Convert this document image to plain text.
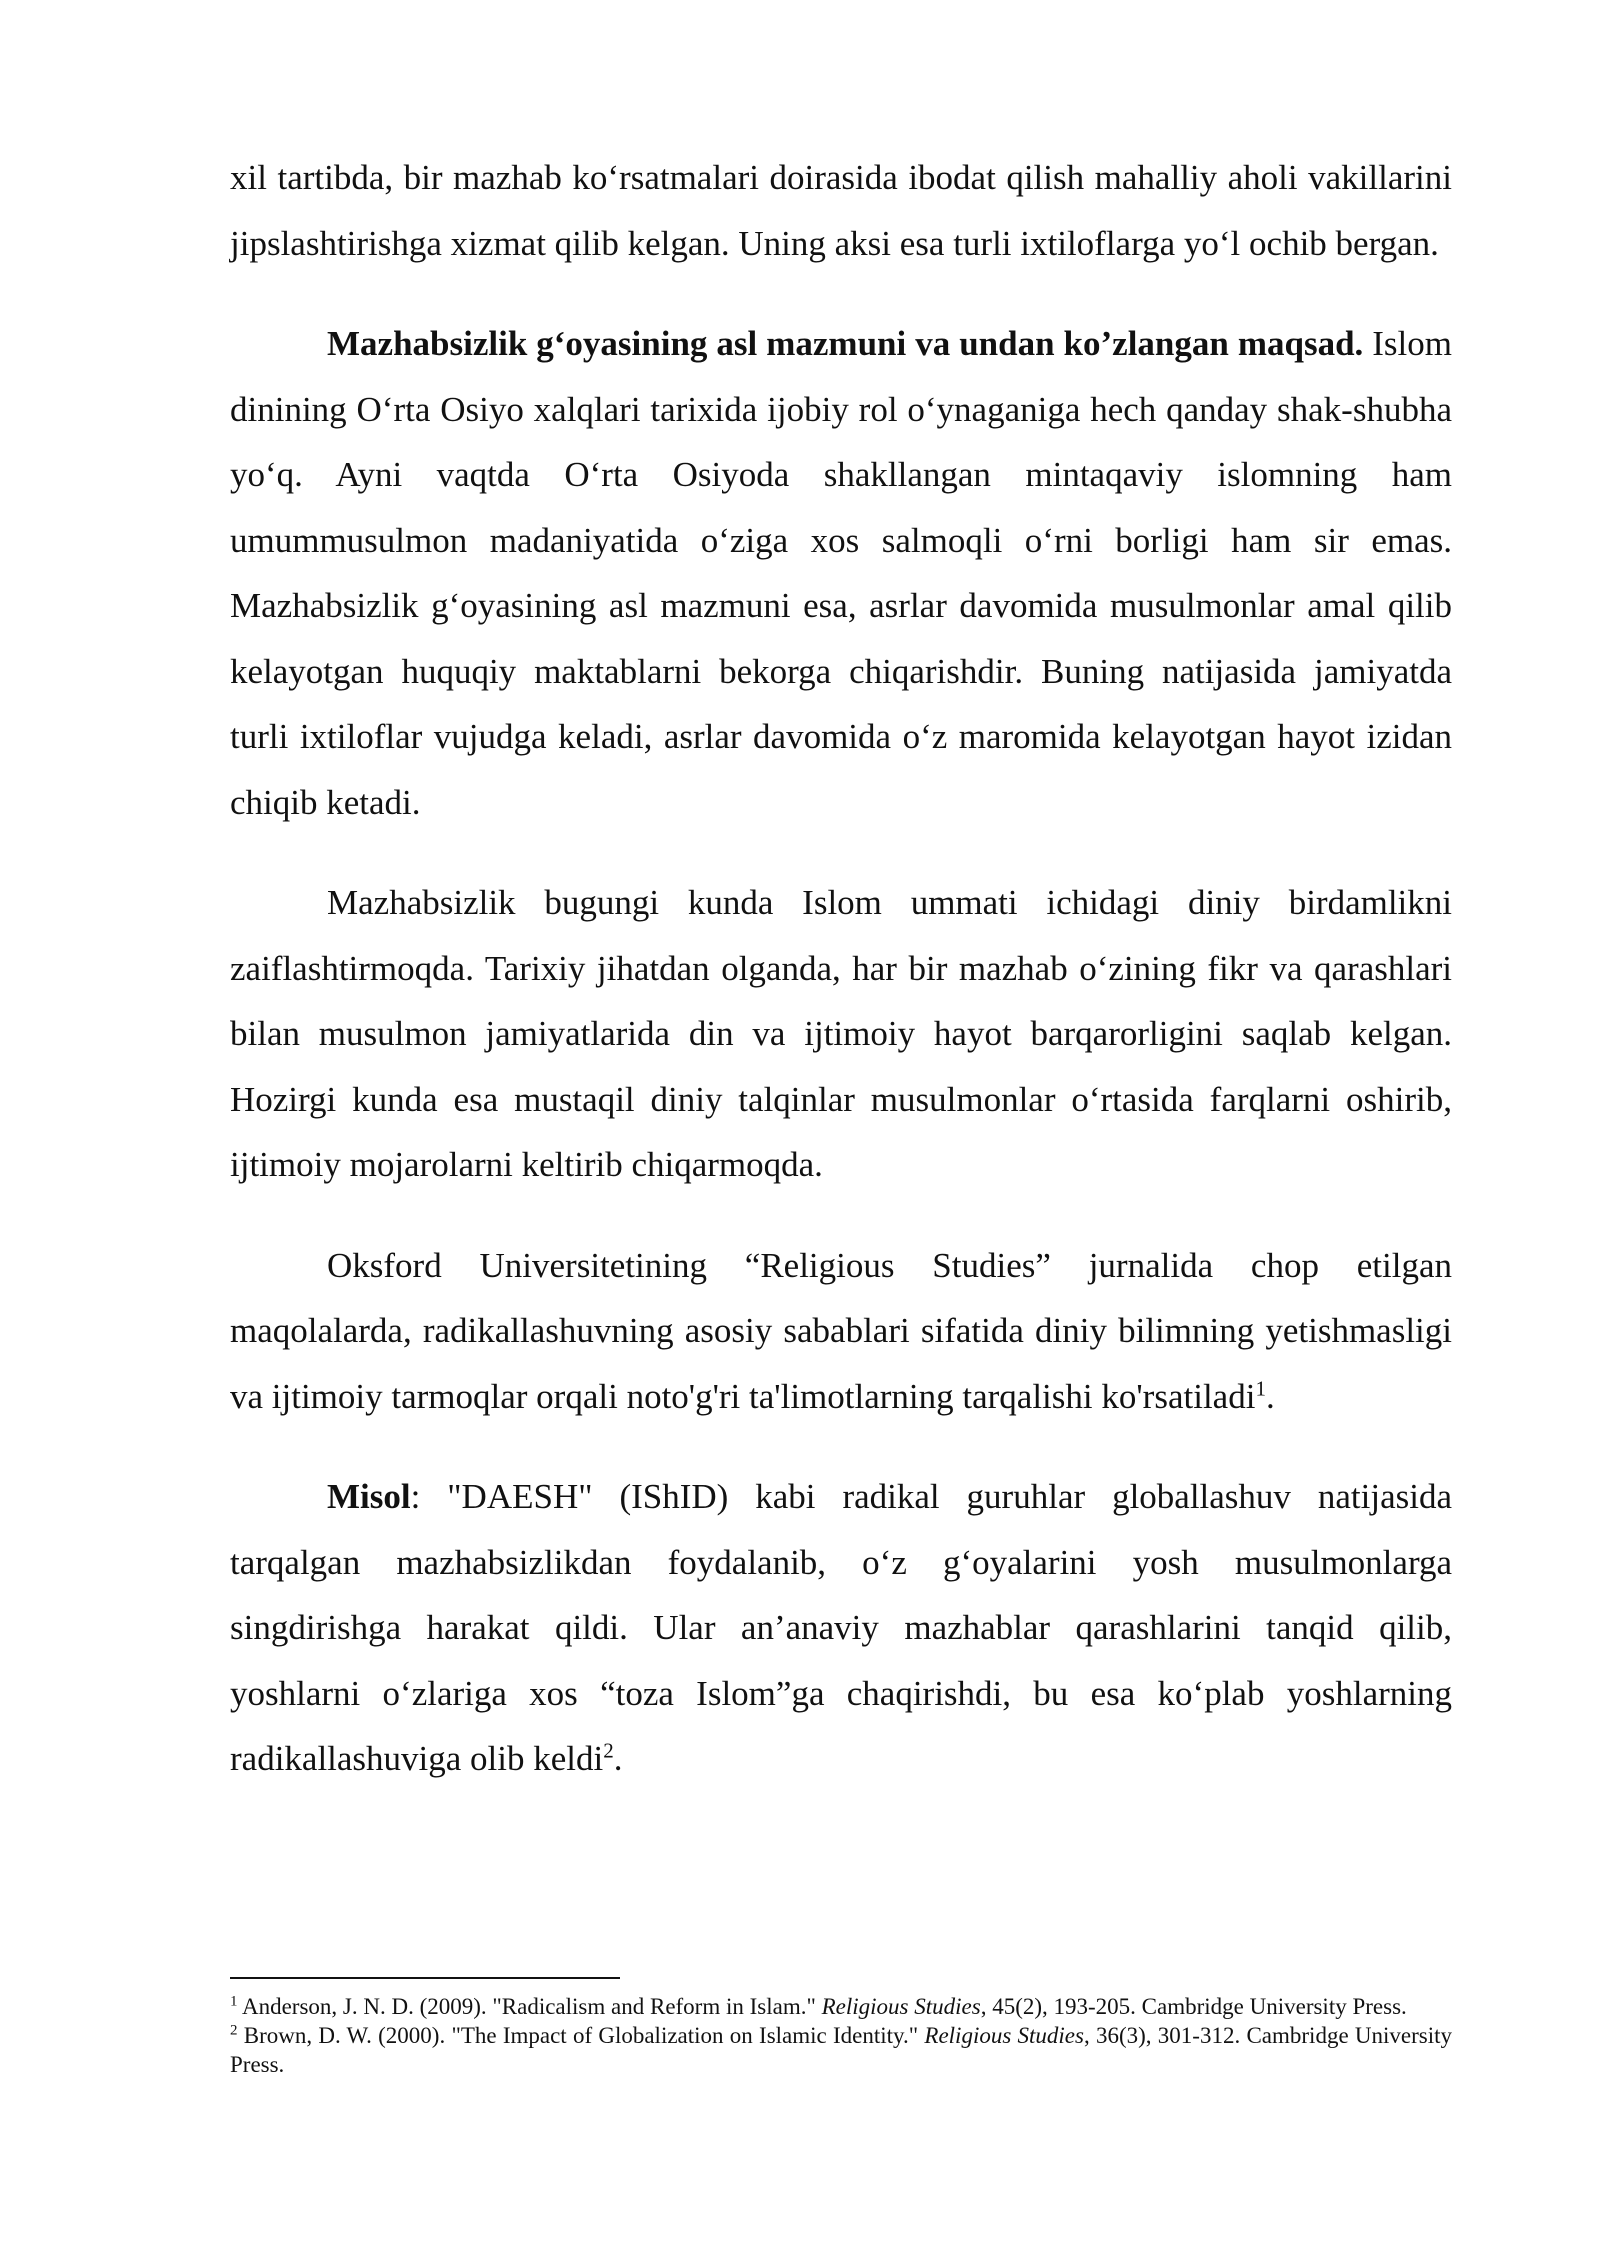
xil tartibda, bir mazhab ko‘rsatmalari doirasida ibodat qilish mahalliy aholi vakillarini jipslashtirishga xizmat qilib kelgan. Uning aksi esa turli ixtiloflarga yo‘l ochib bergan.

Mazhabsizlik g‘oyasining asl mazmuni va undan ko’zlangan maqsad. Islom dinining O‘rta Osiyo xalqlari tarixida ijobiy rol o‘ynaganiga hech qanday shak-shubha yo‘q. Ayni vaqtda O‘rta Osiyoda shakllangan mintaqaviy islomning ham umummusulmon madaniyatida o‘ziga xos salmoqli o‘rni borligi ham sir emas. Mazhabsizlik g‘oyasining asl mazmuni esa, asrlar davomida musulmonlar amal qilib kelayotgan huquqiy maktablarni bekorga chiqarishdir. Buning natijasida jamiyatda turli ixtiloflar vujudga keladi, asrlar davomida o‘z maromida kelayotgan hayot izidan chiqib ketadi.

Mazhabsizlik bugungi kunda Islom ummati ichidagi diniy birdamlikni zaiflashtirmoqda. Tarixiy jihatdan olganda, har bir mazhab o‘zining fikr va qarashlari bilan musulmon jamiyatlarida din va ijtimoiy hayot barqarorligini saqlab kelgan. Hozirgi kunda esa mustaqil diniy talqinlar musulmonlar o‘rtasida farqlarni oshirib, ijtimoiy mojarolarni keltirib chiqarmoqda.

Oksford Universitetining “Religious Studies” jurnalida chop etilgan maqolalarda, radikallashuvning asosiy sabablari sifatida diniy bilimning yetishmasligi va ijtimoiy tarmoqlar orqali noto'g'ri ta'limotlarning tarqalishi ko'rsatiladi$^1$.

Misol: "DAESH" (IShID) kabi radikal guruhlar globallashuv natijasida tarqalgan mazhabsizlikdan foydalanib, o‘z g‘oyalarini yosh musulmonlarga singdirishga harakat qildi. Ular an’anaviy mazhablar qarashlarini tanqid qilib, yoshlarni o‘zlariga xos “toza Islom”ga chaqirishdi, bu esa ko‘plab yoshlarning radikallashuviga olib keldi$^2$.

$^1$ Anderson, J. N. D. (2009). "Radicalism and Reform in Islam." Religious Studies, 45(2), 193-205. Cambridge University Press.

$^2$ Brown, D. W. (2000). "The Impact of Globalization on Islamic Identity." Religious Studies, 36(3), 301-312. Cambridge University Press.
